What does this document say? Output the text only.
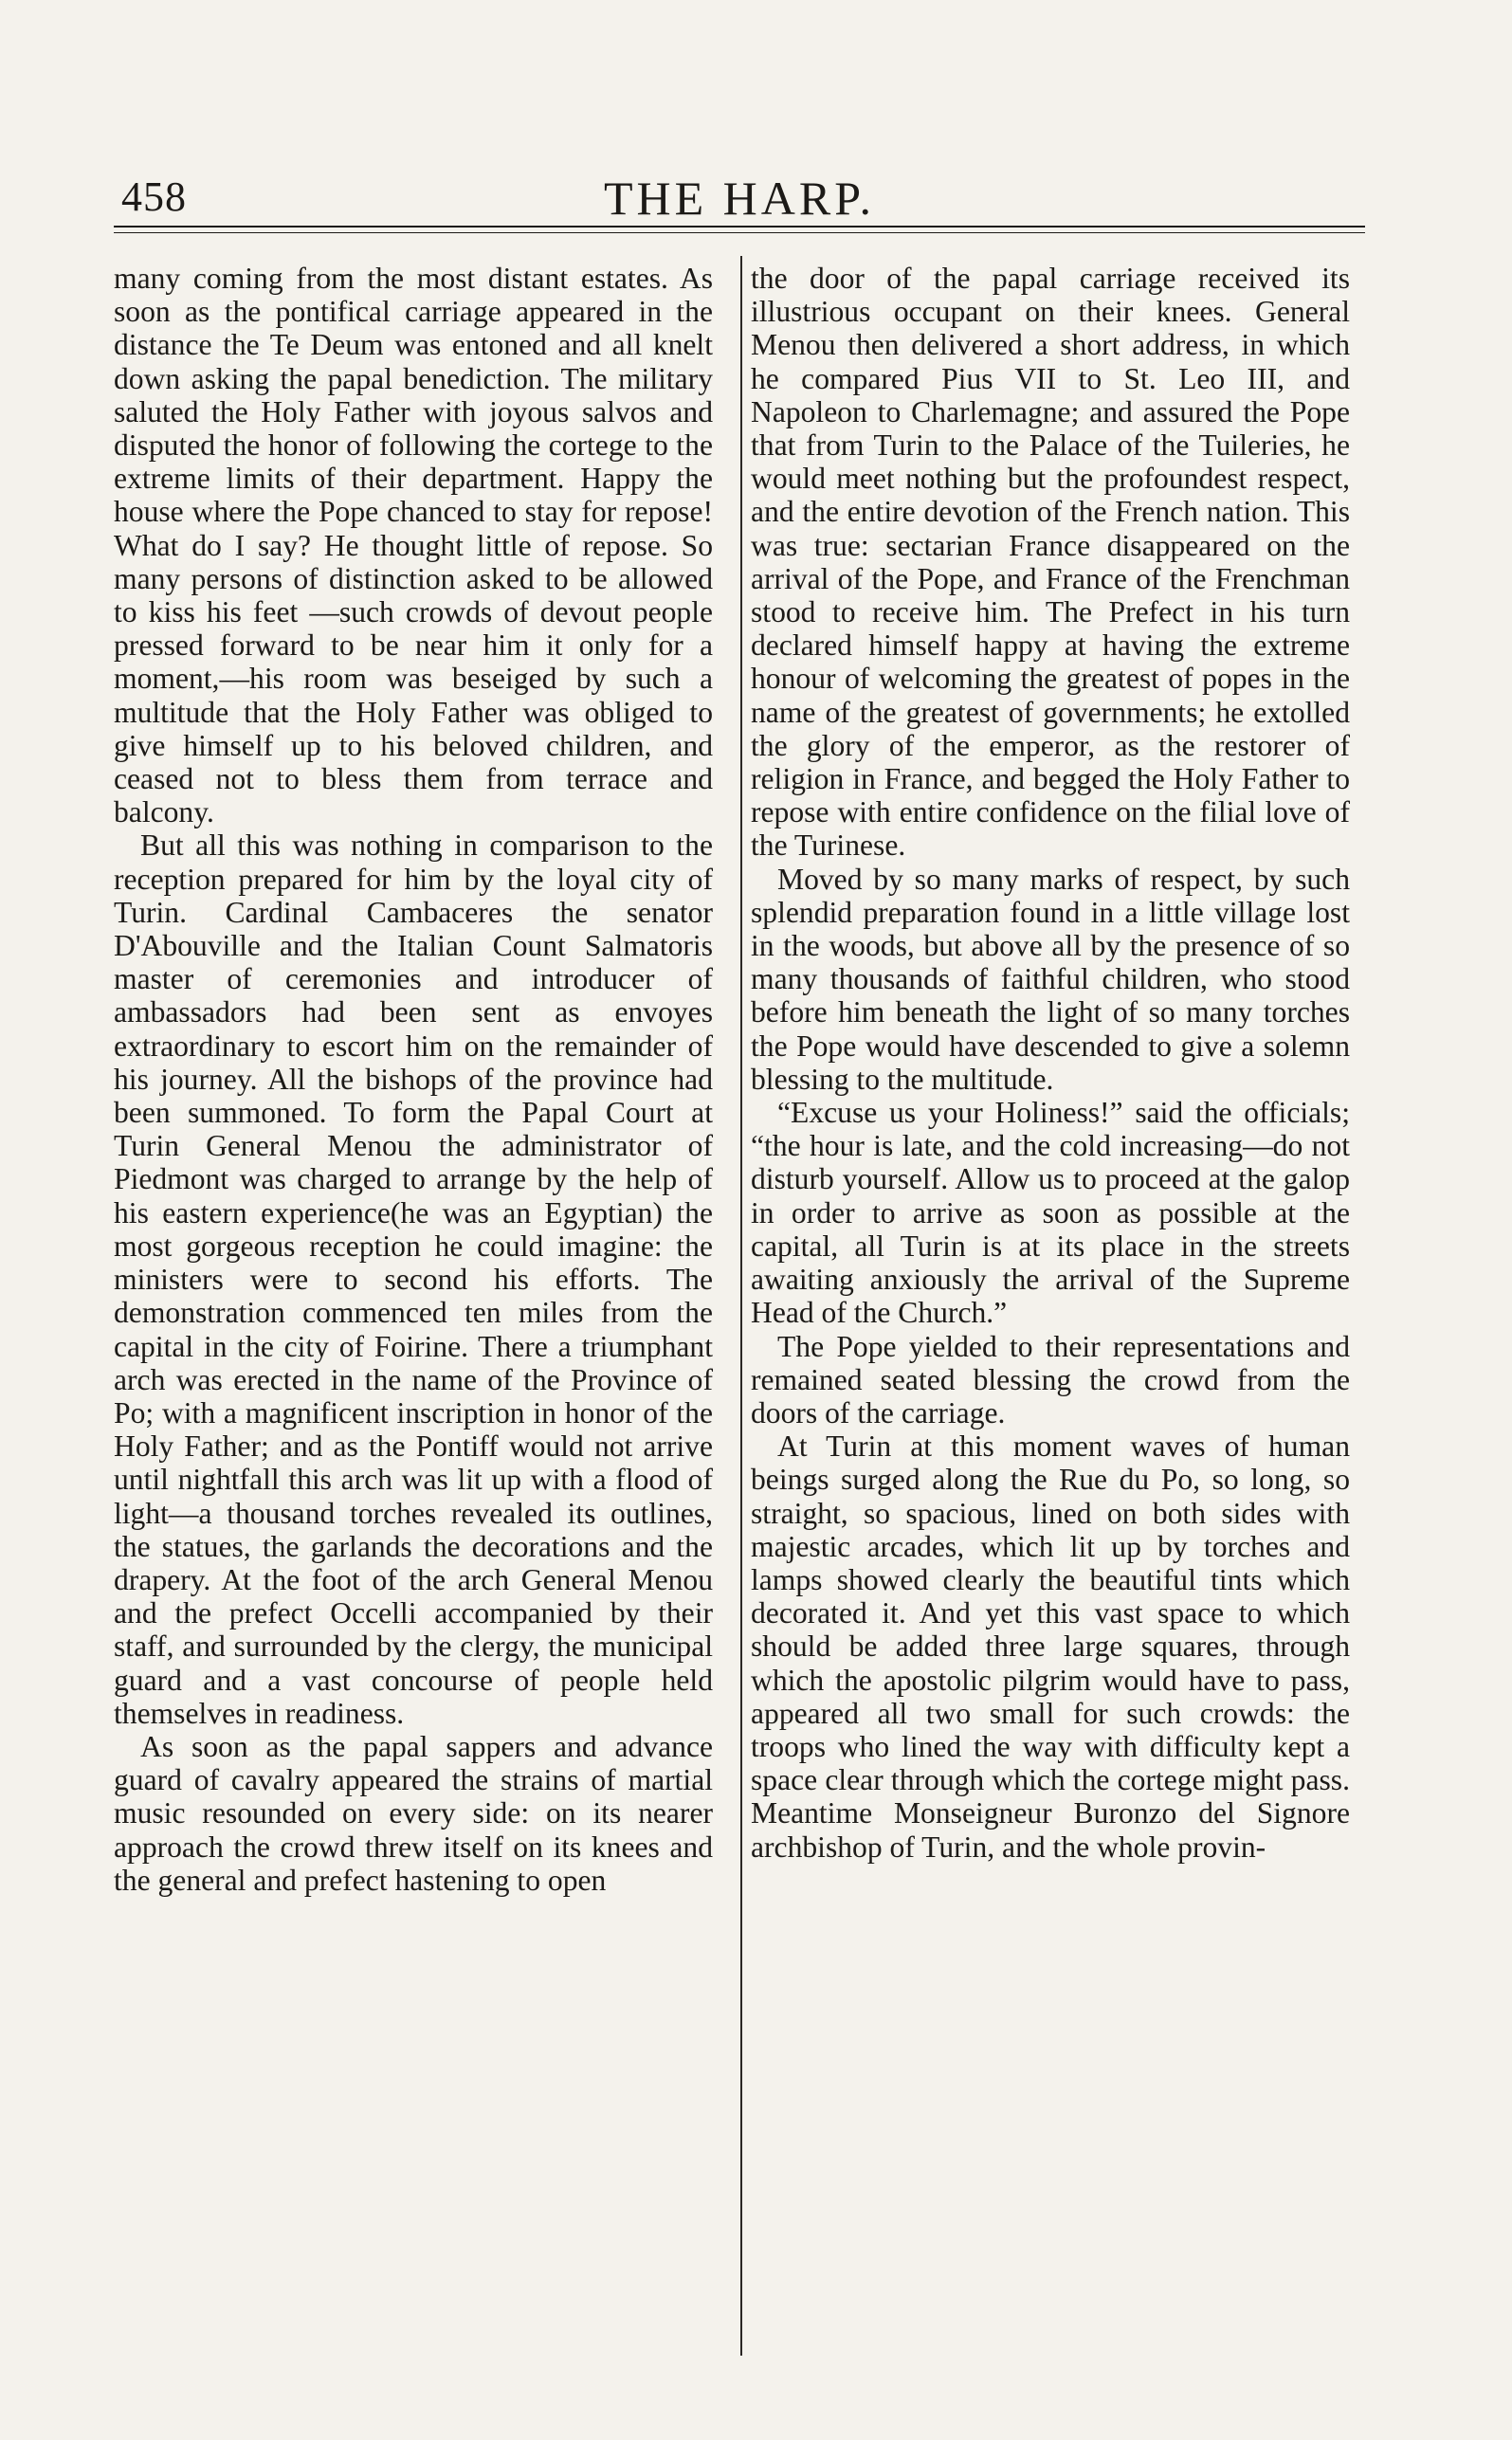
458	THE HARP.

many coming from the most distant estates. As soon as the pontifical carriage appeared in the distance the Te Deum was entoned and all knelt down asking the papal benediction. The military saluted the Holy Father with joyous salvos and disputed the honor of following the cortege to the extreme limits of their department. Happy the house where the Pope chanced to stay for repose! What do I say? He thought little of repose. So many persons of distinction asked to be allowed to kiss his feet —such crowds of devout people pressed forward to be near him it only for a moment,—his room was beseiged by such a multitude that the Holy Father was obliged to give himself up to his beloved children, and ceased not to bless them from terrace and balcony.

But all this was nothing in comparison to the reception prepared for him by the loyal city of Turin. Cardinal Cambaceres the senator D'Abouville and the Italian Count Salmatoris master of ceremonies and introducer of ambassadors had been sent as envoyes extraordinary to escort him on the remainder of his journey. All the bishops of the province had been summoned. To form the Papal Court at Turin General Menou the administrator of Piedmont was charged to arrange by the help of his eastern experience(he was an Egyptian) the most gorgeous reception he could imagine: the ministers were to second his efforts. The demonstration commenced ten miles from the capital in the city of Foirine. There a triumphant arch was erected in the name of the Province of Po; with a magnificent inscription in honor of the Holy Father; and as the Pontiff would not arrive until nightfall this arch was lit up with a flood of light—a thousand torches revealed its outlines, the statues, the garlands the decorations and the drapery. At the foot of the arch General Menou and the prefect Occelli accompanied by their staff, and surrounded by the clergy, the municipal guard and a vast concourse of people held themselves in readiness.

As soon as the papal sappers and advance guard of cavalry appeared the strains of martial music resounded on every side: on its nearer approach the crowd threw itself on its knees and the general and prefect hastening to open

the door of the papal carriage received its illustrious occupant on their knees. General Menou then delivered a short address, in which he compared Pius VII to St. Leo III, and Napoleon to Charlemagne; and assured the Pope that from Turin to the Palace of the Tuileries, he would meet nothing but the profoundest respect, and the entire devotion of the French nation. This was true: sectarian France disappeared on the arrival of the Pope, and France of the Frenchman stood to receive him. The Prefect in his turn declared himself happy at having the extreme honour of welcoming the greatest of popes in the name of the greatest of governments; he extolled the glory of the emperor, as the restorer of religion in France, and begged the Holy Father to repose with entire confidence on the filial love of the Turinese.

Moved by so many marks of respect, by such splendid preparation found in a little village lost in the woods, but above all by the presence of so many thousands of faithful children, who stood before him beneath the light of so many torches the Pope would have descended to give a solemn blessing to the multitude.

“Excuse us your Holiness!” said the officials; “the hour is late, and the cold increasing—do not disturb yourself. Allow us to proceed at the galop in order to arrive as soon as possible at the capital, all Turin is at its place in the streets awaiting anxiously the arrival of the Supreme Head of the Church.”

The Pope yielded to their representations and remained seated blessing the crowd from the doors of the carriage.

At Turin at this moment waves of human beings surged along the Rue du Po, so long, so straight, so spacious, lined on both sides with majestic arcades, which lit up by torches and lamps showed clearly the beautiful tints which decorated it. And yet this vast space to which should be added three large squares, through which the apostolic pilgrim would have to pass, appeared all two small for such crowds: the troops who lined the way with difficulty kept a space clear through which the cortege might pass. Meantime Monseigneur Buronzo del Signore archbishop of Turin, and the whole provin-
